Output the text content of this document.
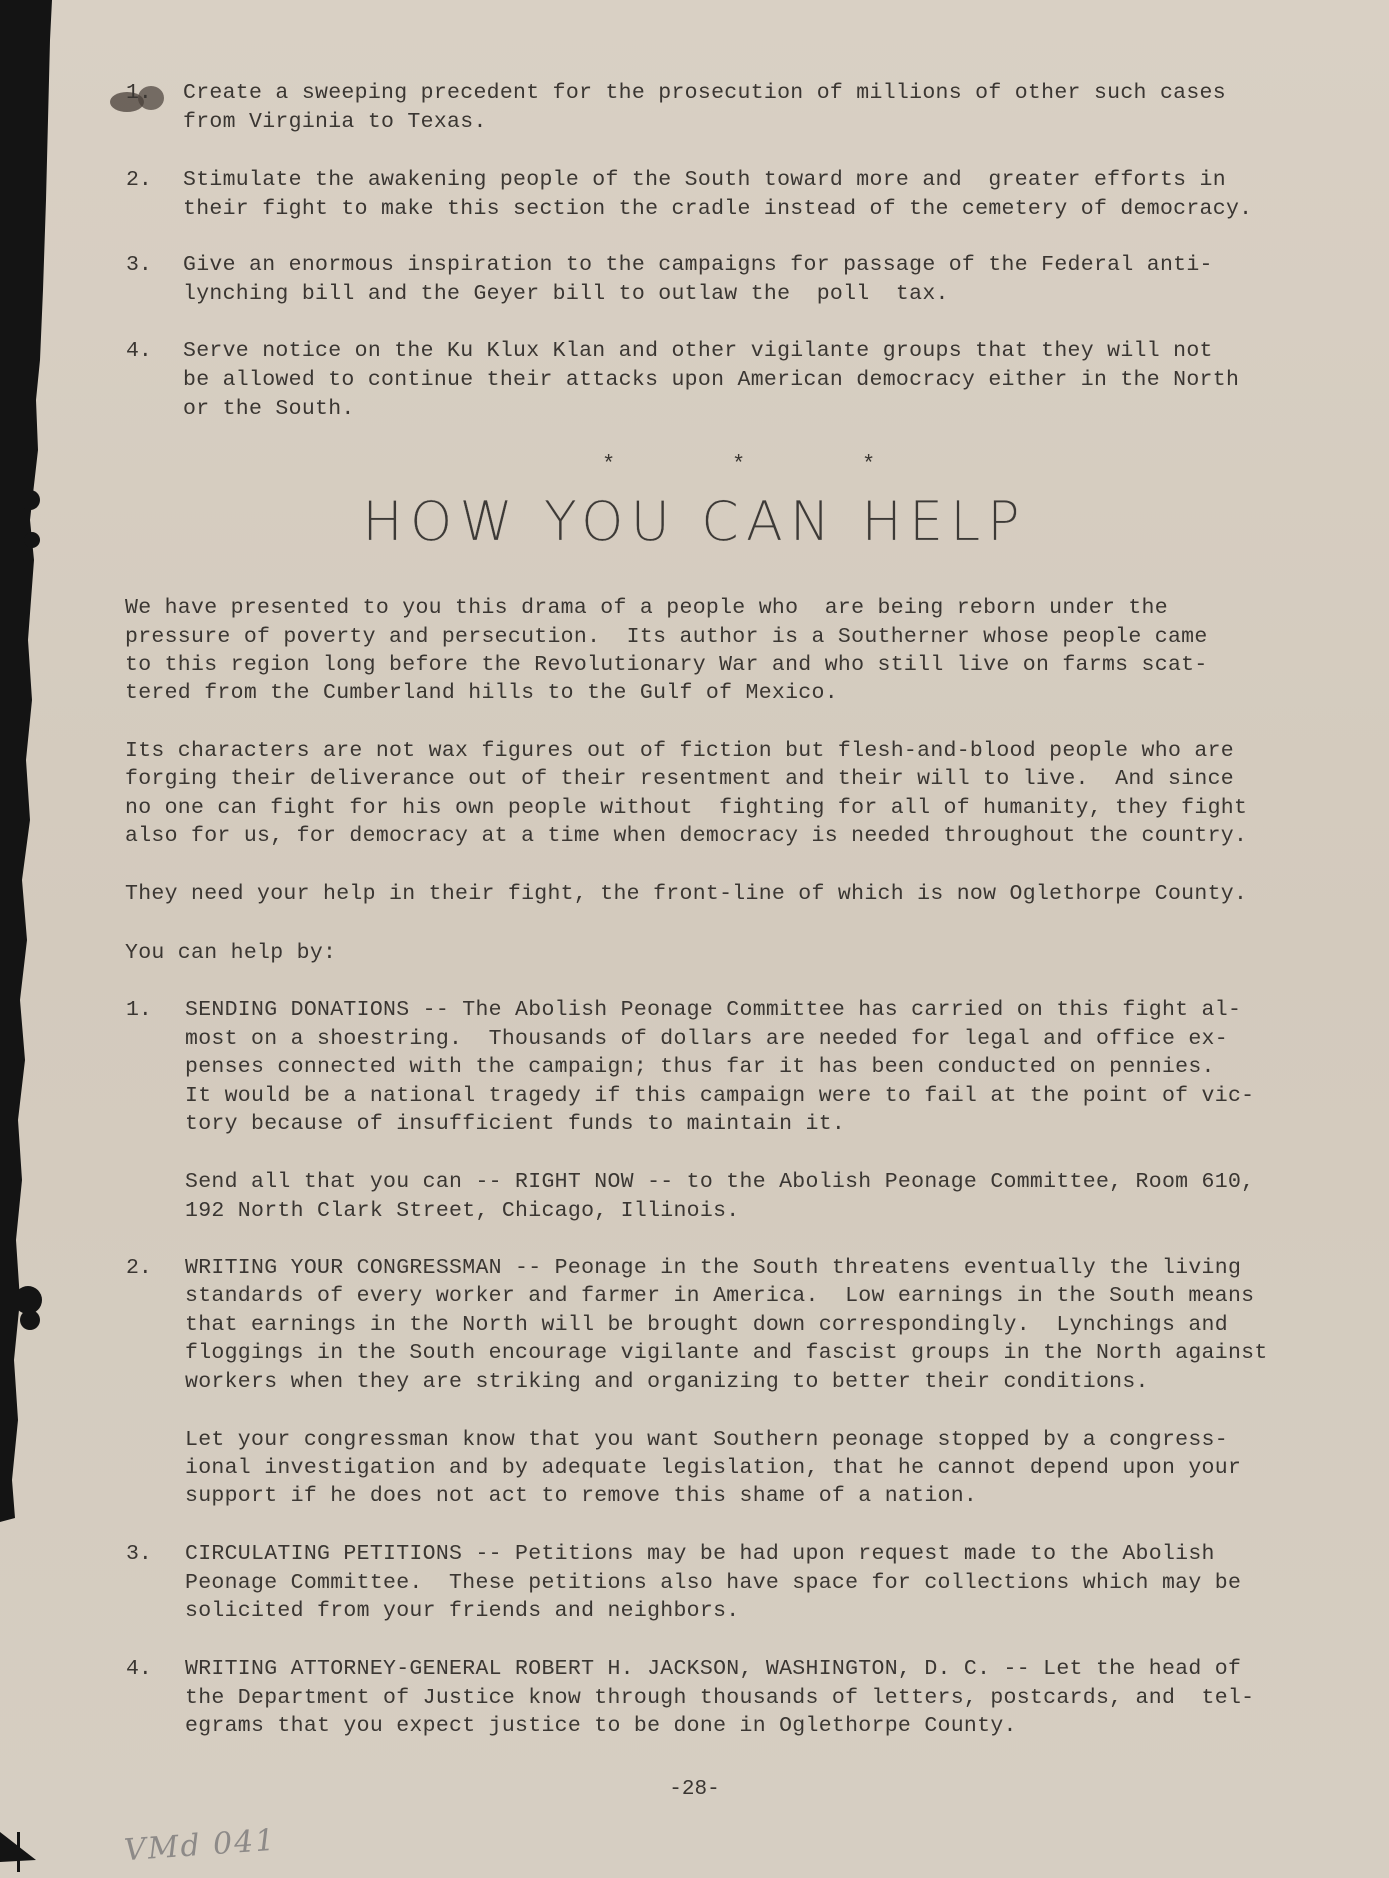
1. Create a sweeping precedent for the prosecution of millions of other such cases
from Virginia to Texas.
2. Stimulate the awakening people of the South toward more and  greater efforts in
their fight to make this section the cradle instead of the cemetery of democracy.
3. Give an enormous inspiration to the campaigns for passage of the Federal anti-
lynching bill and the Geyer bill to outlaw the  poll  tax.
4. Serve notice on the Ku Klux Klan and other vigilante groups that they will not
be allowed to continue their attacks upon American democracy either in the North
or the South.
*	*	*
HOW YOU CAN HELP
We have presented to you this drama of a people who  are being reborn under the
pressure of poverty and persecution.  Its author is a Southerner whose people came
to this region long before the Revolutionary War and who still live on farms scat-
tered from the Cumberland hills to the Gulf of Mexico.
Its characters are not wax figures out of fiction but flesh-and-blood people who are
forging their deliverance out of their resentment and their will to live.  And since
no one can fight for his own people without  fighting for all of humanity, they fight
also for us, for democracy at a time when democracy is needed throughout the country.
They need your help in their fight, the front-line of which is now Oglethorpe County.
You can help by:
1. SENDING DONATIONS -- The Abolish Peonage Committee has carried on this fight al-
most on a shoestring.  Thousands of dollars are needed for legal and office ex-
penses connected with the campaign; thus far it has been conducted on pennies.
It would be a national tragedy if this campaign were to fail at the point of vic-
tory because of insufficient funds to maintain it.
Send all that you can -- RIGHT NOW -- to the Abolish Peonage Committee, Room 610,
192 North Clark Street, Chicago, Illinois.
2. WRITING YOUR CONGRESSMAN -- Peonage in the South threatens eventually the living
standards of every worker and farmer in America.  Low earnings in the South means
that earnings in the North will be brought down correspondingly.  Lynchings and
floggings in the South encourage vigilante and fascist groups in the North against
workers when they are striking and organizing to better their conditions.
Let your congressman know that you want Southern peonage stopped by a congress-
ional investigation and by adequate legislation, that he cannot depend upon your
support if he does not act to remove this shame of a nation.
3. CIRCULATING PETITIONS -- Petitions may be had upon request made to the Abolish
Peonage Committee.  These petitions also have space for collections which may be
solicited from your friends and neighbors.
4. WRITING ATTORNEY-GENERAL ROBERT H. JACKSON, WASHINGTON, D. C. -- Let the head of
the Department of Justice know through thousands of letters, postcards, and  tel-
egrams that you expect justice to be done in Oglethorpe County.
-28-
VMd 041
